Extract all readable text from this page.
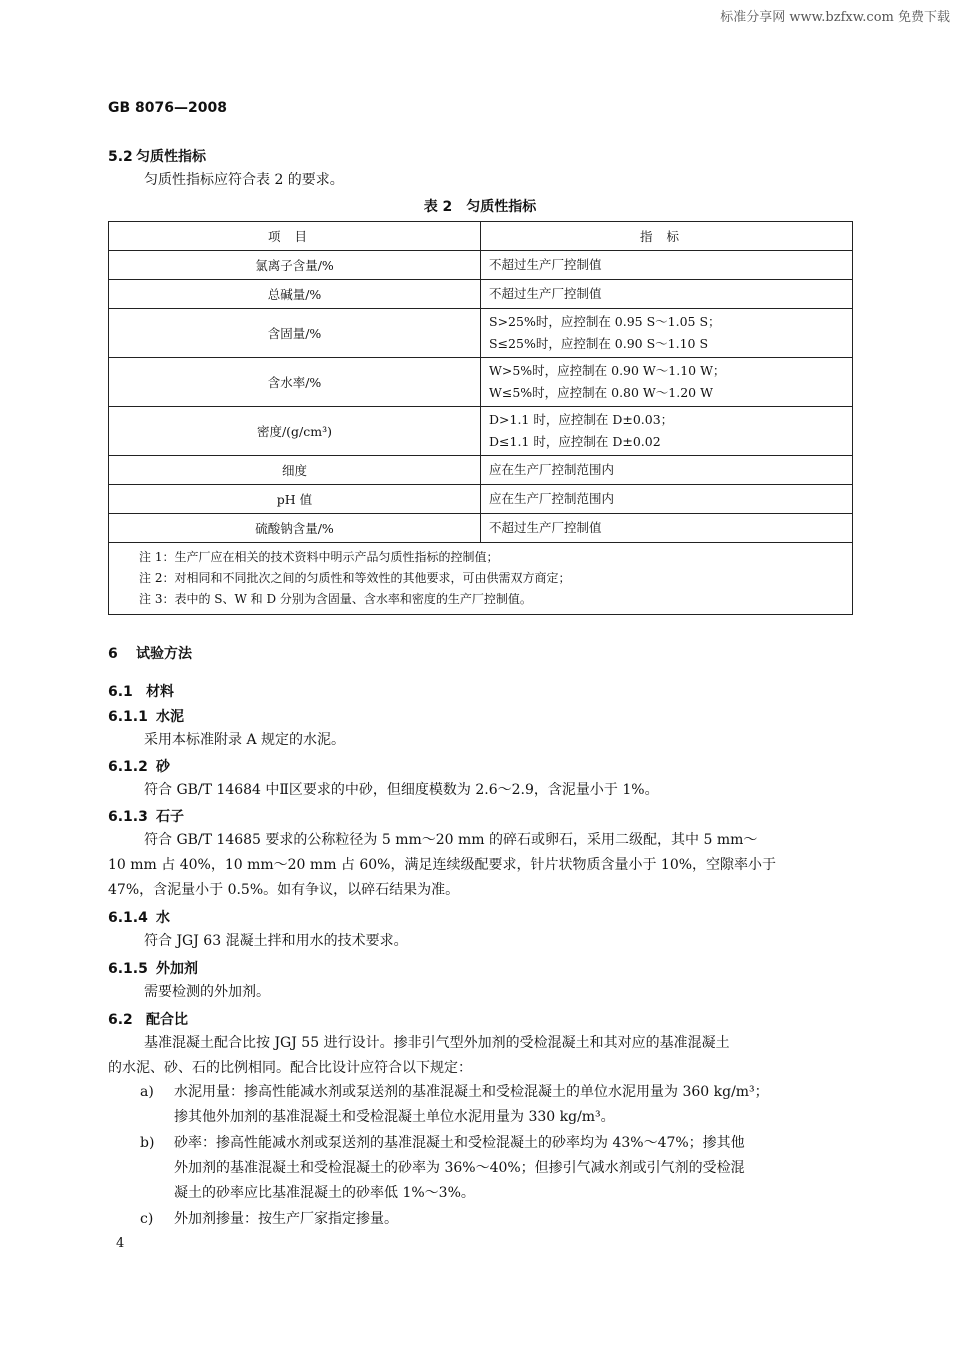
标准分享网 www.bzfxw.com 免费下载
GB 8076—2008
5.2 匀质性指标
匀质性指标应符合表 2 的要求。
表 2　匀质性指标
项目	指标
氯离子含量/%	不超过生产厂控制值
总碱量/%	不超过生产厂控制值
含固量/%	S>25%时，应控制在 0.95 S～1.05 S；
S≤25%时，应控制在 0.90 S～1.10 S

含水率/%	W>5%时，应控制在 0.90 W～1.10 W；
W≤5%时，应控制在 0.80 W～1.20 W

密度/(g/cm³)	D>1.1 时，应控制在 D±0.03；
D≤1.1 时，应控制在 D±0.02

细度	应在生产厂控制范围内
pH 值	应在生产厂控制范围内
硫酸钠含量/%	不超过生产厂控制值

注 1：生产厂应在相关的技术资料中明示产品匀质性指标的控制值；
注 2：对相同和不同批次之间的匀质性和等效性的其他要求，可由供需双方商定；
注 3：表中的 S、W 和 D 分别为含固量、含水率和密度的生产厂控制值。	
6 试验方法
6.1 材料
6.1.1 水泥
采用本标准附录 A 规定的水泥。
6.1.2 砂
符合 GB/T 14684 中Ⅱ区要求的中砂，但细度模数为 2.6～2.9，含泥量小于 1%。
6.1.3 石子
符合 GB/T 14685 要求的公称粒径为 5 mm～20 mm 的碎石或卵石，采用二级配，其中 5 mm～
10 mm 占 40%，10 mm～20 mm 占 60%，满足连续级配要求，针片状物质含量小于 10%，空隙率小于
47%，含泥量小于 0.5%。如有争议，以碎石结果为准。
6.1.4 水
符合 JGJ 63 混凝土拌和用水的技术要求。
6.1.5 外加剂
需要检测的外加剂。
6.2 配合比
基准混凝土配合比按 JGJ 55 进行设计。掺非引气型外加剂的受检混凝土和其对应的基准混凝土
的水泥、砂、石的比例相同。配合比设计应符合以下规定：
a) 水泥用量：掺高性能减水剂或泵送剂的基准混凝土和受检混凝土的单位水泥用量为 360 kg/m³；
掺其他外加剂的基准混凝土和受检混凝土单位水泥用量为 330 kg/m³。
b) 砂率：掺高性能减水剂或泵送剂的基准混凝土和受检混凝土的砂率均为 43%～47%；掺其他
外加剂的基准混凝土和受检混凝土的砂率为 36%～40%；但掺引气减水剂或引气剂的受检混
凝土的砂率应比基准混凝土的砂率低 1%～3%。
c) 外加剂掺量：按生产厂家指定掺量。
4
